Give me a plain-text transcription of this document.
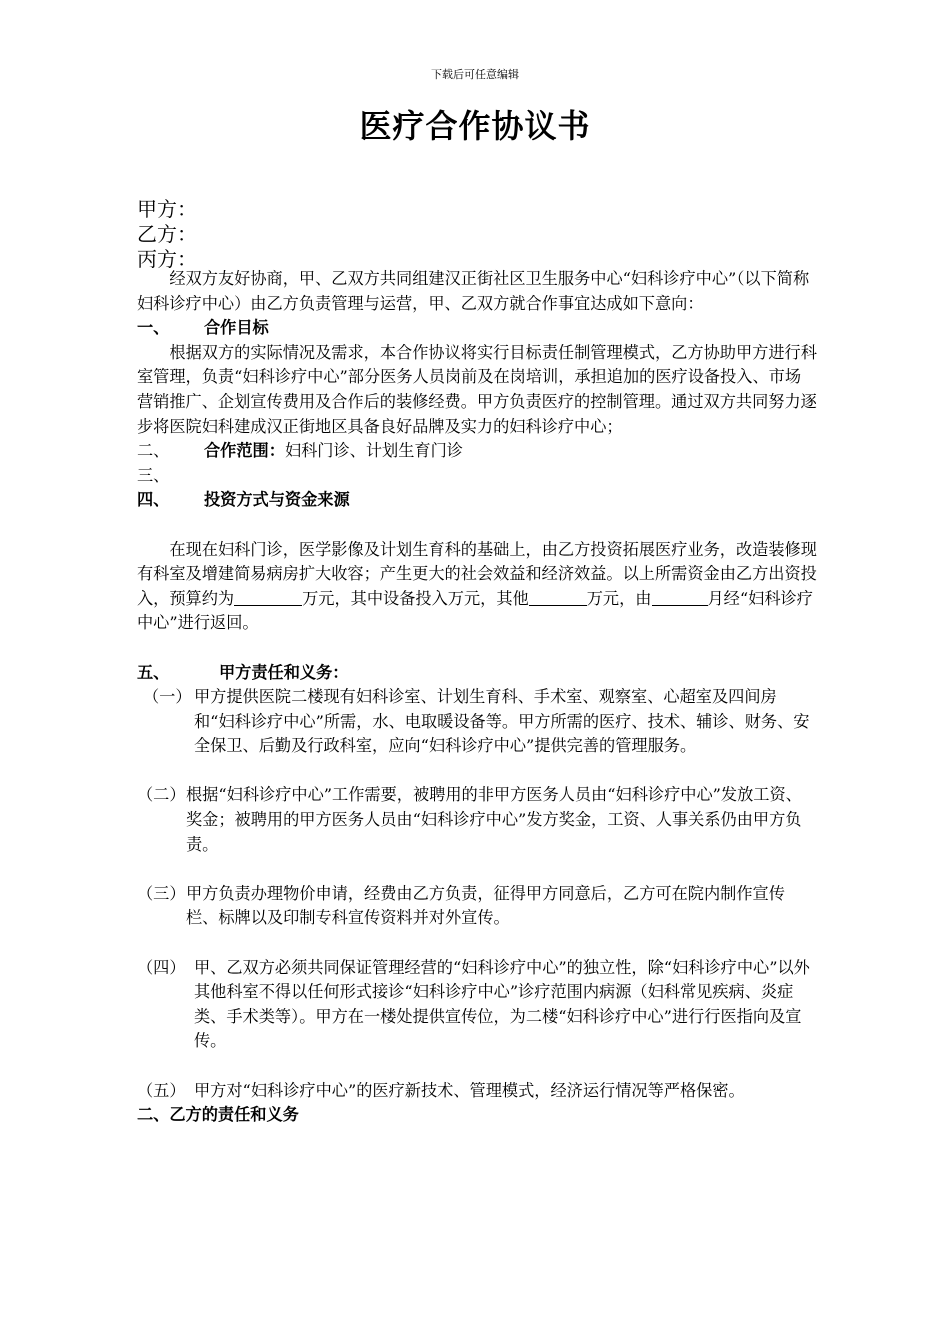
下载后可任意编辑
医疗合作协议书
甲方：
乙方：
丙方：

经双方友好协商，甲、乙双方共同组建汉正街社区卫生服务中心“妇科诊疗中心”（以下简称妇科诊疗中心）由乙方负责管理与运营，甲、乙双方就合作事宜达成如下意向：

一、 合作目标

根据双方的实际情况及需求，本合作协议将实行目标责任制管理模式，乙方协助甲方进行科室管理，负责“妇科诊疗中心”部分医务人员岗前及在岗培训，承担追加的医疗设备投入、市场营销推广、企划宣传费用及合作后的装修经费。甲方负责医疗的控制管理。通过双方共同努力逐步将医院妇科建成汉正街地区具备良好品牌及实力的妇科诊疗中心；

二、 合作范围：妇科门诊、计划生育门诊

三、

四、 投资方式与资金来源

在现在妇科门诊，医学影像及计划生育科的基础上，由乙方投资拓展医疗业务，改造装修现有科室及增建简易病房扩大收容；产生更大的社会效益和经济效益。以上所需资金由乙方出资投入，预算约为	万元，其中设备投入万元，其他	万元，由	月经“妇科诊疗中心”进行返回。

五、	甲方责任和义务：

（一） 甲方提供医院二楼现有妇科诊室、计划生育科、手术室、观察室、心超室及四间房和“妇科诊疗中心”所需，水、电取暖设备等。甲方所需的医疗、技术、辅诊、财务、安全保卫、后勤及行政科室，应向“妇科诊疗中心”提供完善的管理服务。

（二） 根据“妇科诊疗中心”工作需要，被聘用的非甲方医务人员由“妇科诊疗中心”发放工资、奖金；被聘用的甲方医务人员由“妇科诊疗中心”发方奖金，工资、人事关系仍由甲方负责。

（三） 甲方负责办理物价申请，经费由乙方负责，征得甲方同意后，乙方可在院内制作宣传栏、标牌以及印制专科宣传资料并对外宣传。

（四） 甲、乙双方必须共同保证管理经营的“妇科诊疗中心”的独立性，除“妇科诊疗中心”以外其他科室不得以任何形式接诊“妇科诊疗中心”诊疗范围内病源（妇科常见疾病、炎症类、手术类等）。甲方在一楼处提供宣传位，为二楼“妇科诊疗中心”进行行医指向及宣传。

（五） 甲方对“妇科诊疗中心”的医疗新技术、管理模式，经济运行情况等严格保密。

二、乙方的责任和义务
